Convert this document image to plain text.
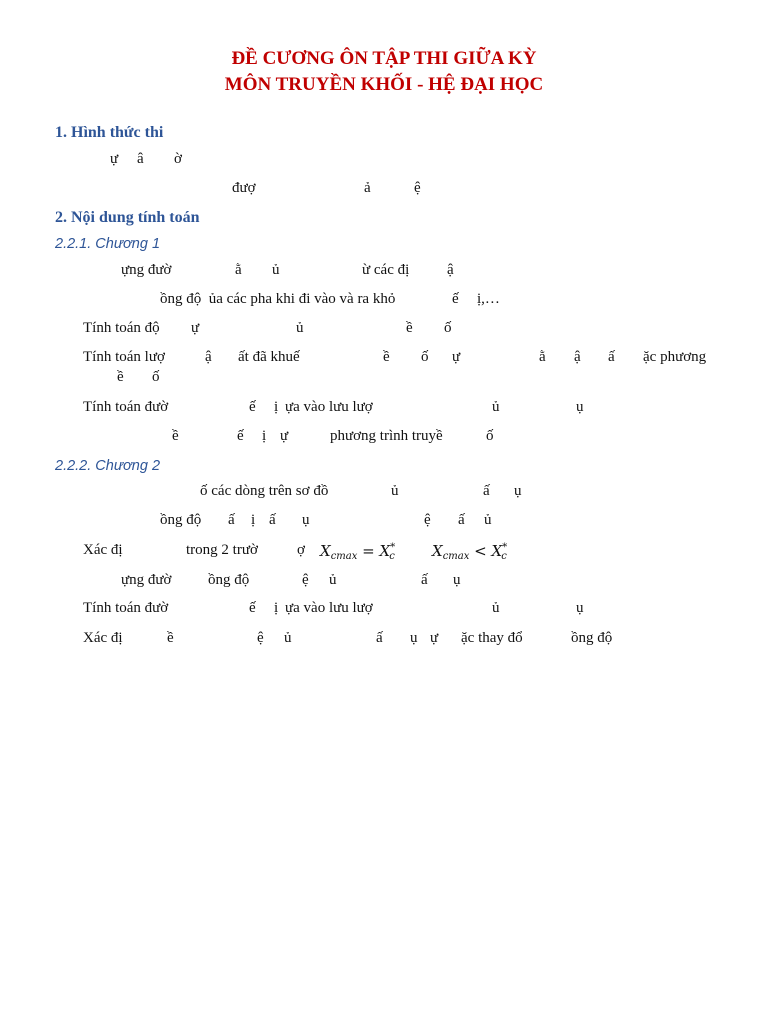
ĐỀ CƯƠNG ÔN TẬP THI GIỮA KỲ
MÔN TRUYỀN KHỐI - HỆ ĐẠI HỌC
1. Hình thức thi
ự â ờ
đượ	ả	ệ
2. Nội dung tính toán
2.2.1. Chương 1
ựng đườ	ằ ủ	ừ các đị	ậ
ồng độ  ủa các pha khi đi vào và ra khỏ	ế ị,…
Tính toán độ ự	ủ	ề ố
Tính toán lượ	ậ ất đã khuế	ề ố ự	ằ ậ ấ ặc phương
ề ố
Tính toán đườ	ế ị ựa vào lưu lượ	ủ	ụ
ề	ế ị ự	phương trình truyề	ố
2.2.2. Chương 2
ố các dòng trên sơ đồ	ủ	ấ ụ
ồng độ ấ ị ấ ụ	ệ ấ ủ
Xác đị	trong 2 trườ	ợ $X_{cmax} = X^*_c$ $X_{cmax} < X^*_c$
ựng đườ ồng độ	ệ ủ	ấ ụ
Tính toán đườ	ế ị ựa vào lưu lượ	ủ	ụ
Xác đị	ề	ệ ủ	ấ ụ ự ặc thay đổ	ồng độ
